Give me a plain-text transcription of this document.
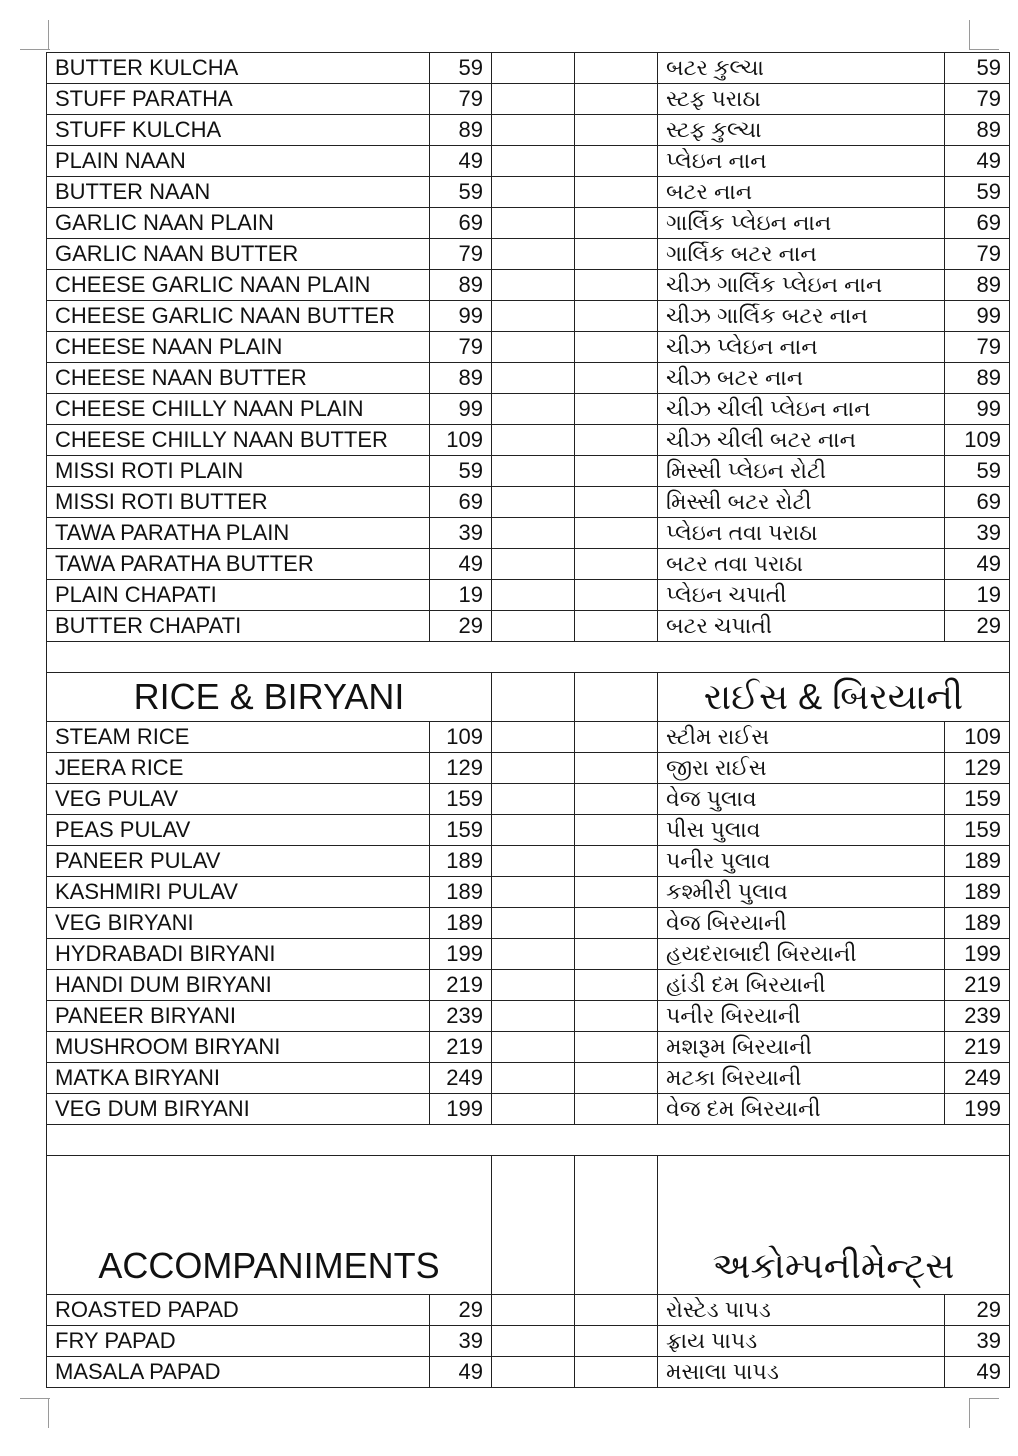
BUTTER KULCHA	59			બટર કુલ્ચા	59
STUFF PARATHA	79			સ્ટફ પરાઠા	79
STUFF KULCHA	89			સ્ટફ કુલ્ચા	89
PLAIN NAAN	49			પ્લેઇન નાન	49
BUTTER NAAN	59			બટર નાન	59
GARLIC NAAN PLAIN	69			ગાર્લિક પ્લેઇન નાન	69
GARLIC NAAN BUTTER	79			ગાર્લિક બટર નાન	79
CHEESE GARLIC NAAN PLAIN	89			ચીઝ ગાર્લિક પ્લેઇન નાન	89
CHEESE GARLIC NAAN BUTTER	99			ચીઝ ગાર્લિક બટર નાન	99
CHEESE NAAN PLAIN	79			ચીઝ પ્લેઇન નાન	79
CHEESE NAAN BUTTER	89			ચીઝ બટર નાન	89
CHEESE CHILLY NAAN PLAIN	99			ચીઝ ચીલી પ્લેઇન નાન	99
CHEESE CHILLY NAAN BUTTER	109			ચીઝ ચીલી બટર નાન	109
MISSI ROTI PLAIN	59			મિસ્સી પ્લેઇન રોટી	59
MISSI ROTI BUTTER	69			મિસ્સી બટર રોટી	69
TAWA PARATHA PLAIN	39			પ્લેઇન તવા પરાઠા	39
TAWA PARATHA BUTTER	49			બટર તવા પરાઠા	49
PLAIN CHAPATI	19			પ્લેઇન ચપાતી	19
BUTTER CHAPATI	29			બટર ચપાતી	29

RICE & BIRYANI				રાઈસ & બિરયાની	
STEAM RICE	109			સ્ટીમ રાઈસ	109
JEERA RICE	129			જીરા રાઈસ	129
VEG PULAV	159			વેજ પુલાવ	159
PEAS PULAV	159			પીસ પુલાવ	159
PANEER PULAV	189			પનીર પુલાવ	189
KASHMIRI PULAV	189			કશ્મીરી પુલાવ	189
VEG BIRYANI	189			વેજ બિરયાની	189
HYDRABADI BIRYANI	199			હયદરાબાદી બિરયાની	199
HANDI DUM BIRYANI	219			હાંડી દમ બિરયાની	219
PANEER BIRYANI	239			પનીર બિરયાની	239
MUSHROOM BIRYANI	219			મશરૂમ બિરયાની	219
MATKA BIRYANI	249			મટકા બિરયાની	249
VEG DUM BIRYANI	199			વેજ દમ બિરયાની	199

ACCOMPANIMENTS				અકોમ્પનીમેન્ટ્સ	
ROASTED PAPAD	29			રોસ્ટેડ પાપડ	29
FRY PAPAD	39			ફ્રાય પાપડ	39
MASALA PAPAD	49			મસાલા પાપડ	49
